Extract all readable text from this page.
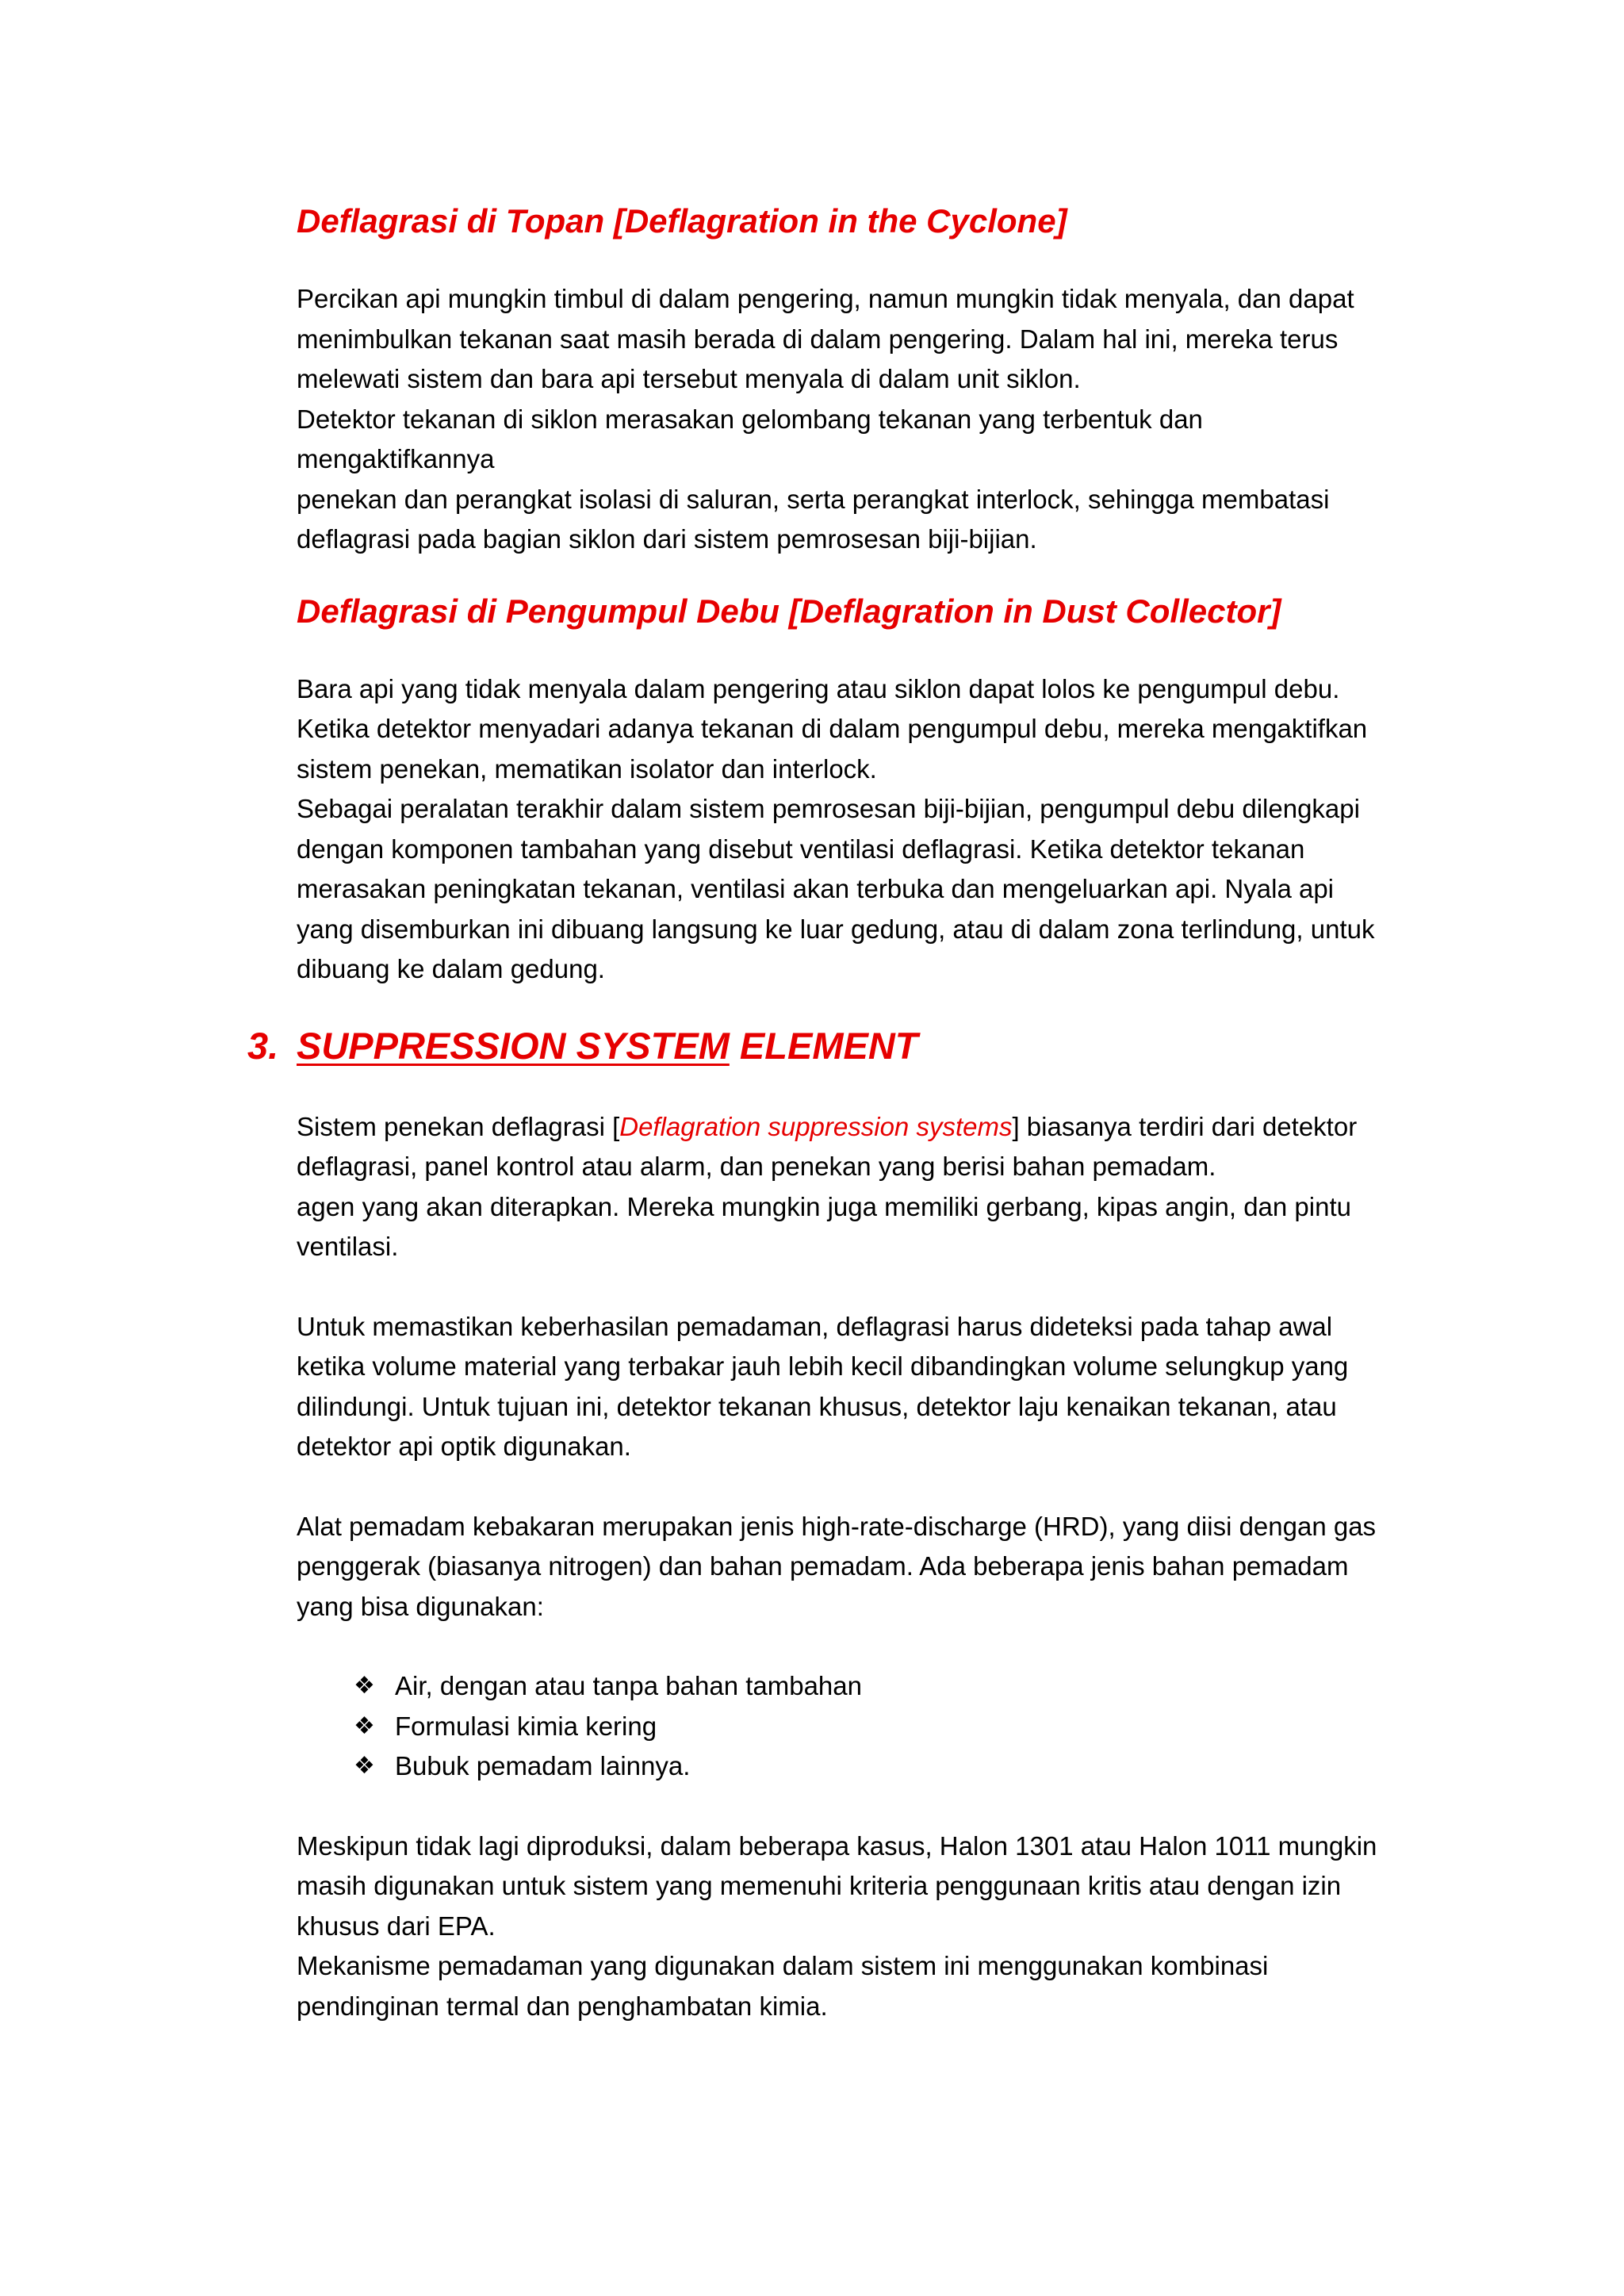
Deflagrasi di Topan [Deflagration in the Cyclone]

Percikan api mungkin timbul di dalam pengering, namun mungkin tidak menyala, dan dapat

menimbulkan tekanan saat masih berada di dalam pengering. Dalam hal ini, mereka terus

melewati sistem dan bara api tersebut menyala di dalam unit siklon.

Detektor tekanan di siklon merasakan gelombang tekanan yang terbentuk dan

mengaktifkannya

penekan dan perangkat isolasi di saluran, serta perangkat interlock, sehingga membatasi

deflagrasi pada bagian siklon dari sistem pemrosesan biji-bijian.

Deflagrasi di Pengumpul Debu [Deflagration in Dust Collector]

Bara api yang tidak menyala dalam pengering atau siklon dapat lolos ke pengumpul debu.

Ketika detektor menyadari adanya tekanan di dalam pengumpul debu, mereka mengaktifkan

sistem penekan, mematikan isolator dan interlock.

Sebagai peralatan terakhir dalam sistem pemrosesan biji-bijian, pengumpul debu dilengkapi

dengan komponen tambahan yang disebut ventilasi deflagrasi. Ketika detektor tekanan

merasakan peningkatan tekanan, ventilasi akan terbuka dan mengeluarkan api. Nyala api

yang disemburkan ini dibuang langsung ke luar gedung, atau di dalam zona terlindung, untuk

dibuang ke dalam gedung.

3. SUPPRESSION SYSTEM ELEMENT

Sistem penekan deflagrasi [Deflagration suppression systems] biasanya terdiri dari detektor

deflagrasi, panel kontrol atau alarm, dan penekan yang berisi bahan pemadam.

agen yang akan diterapkan. Mereka mungkin juga memiliki gerbang, kipas angin, dan pintu

ventilasi.

Untuk memastikan keberhasilan pemadaman, deflagrasi harus dideteksi pada tahap awal

ketika volume material yang terbakar jauh lebih kecil dibandingkan volume selungkup yang

dilindungi. Untuk tujuan ini, detektor tekanan khusus, detektor laju kenaikan tekanan, atau

detektor api optik digunakan.

Alat pemadam kebakaran merupakan jenis high-rate-discharge (HRD), yang diisi dengan gas

penggerak (biasanya nitrogen) dan bahan pemadam. Ada beberapa jenis bahan pemadam

yang bisa digunakan:

❖ Air, dengan atau tanpa bahan tambahan
❖ Formulasi kimia kering
❖ Bubuk pemadam lainnya.

Meskipun tidak lagi diproduksi, dalam beberapa kasus, Halon 1301 atau Halon 1011 mungkin

masih digunakan untuk sistem yang memenuhi kriteria penggunaan kritis atau dengan izin

khusus dari EPA.

Mekanisme pemadaman yang digunakan dalam sistem ini menggunakan kombinasi

pendinginan termal dan penghambatan kimia.
